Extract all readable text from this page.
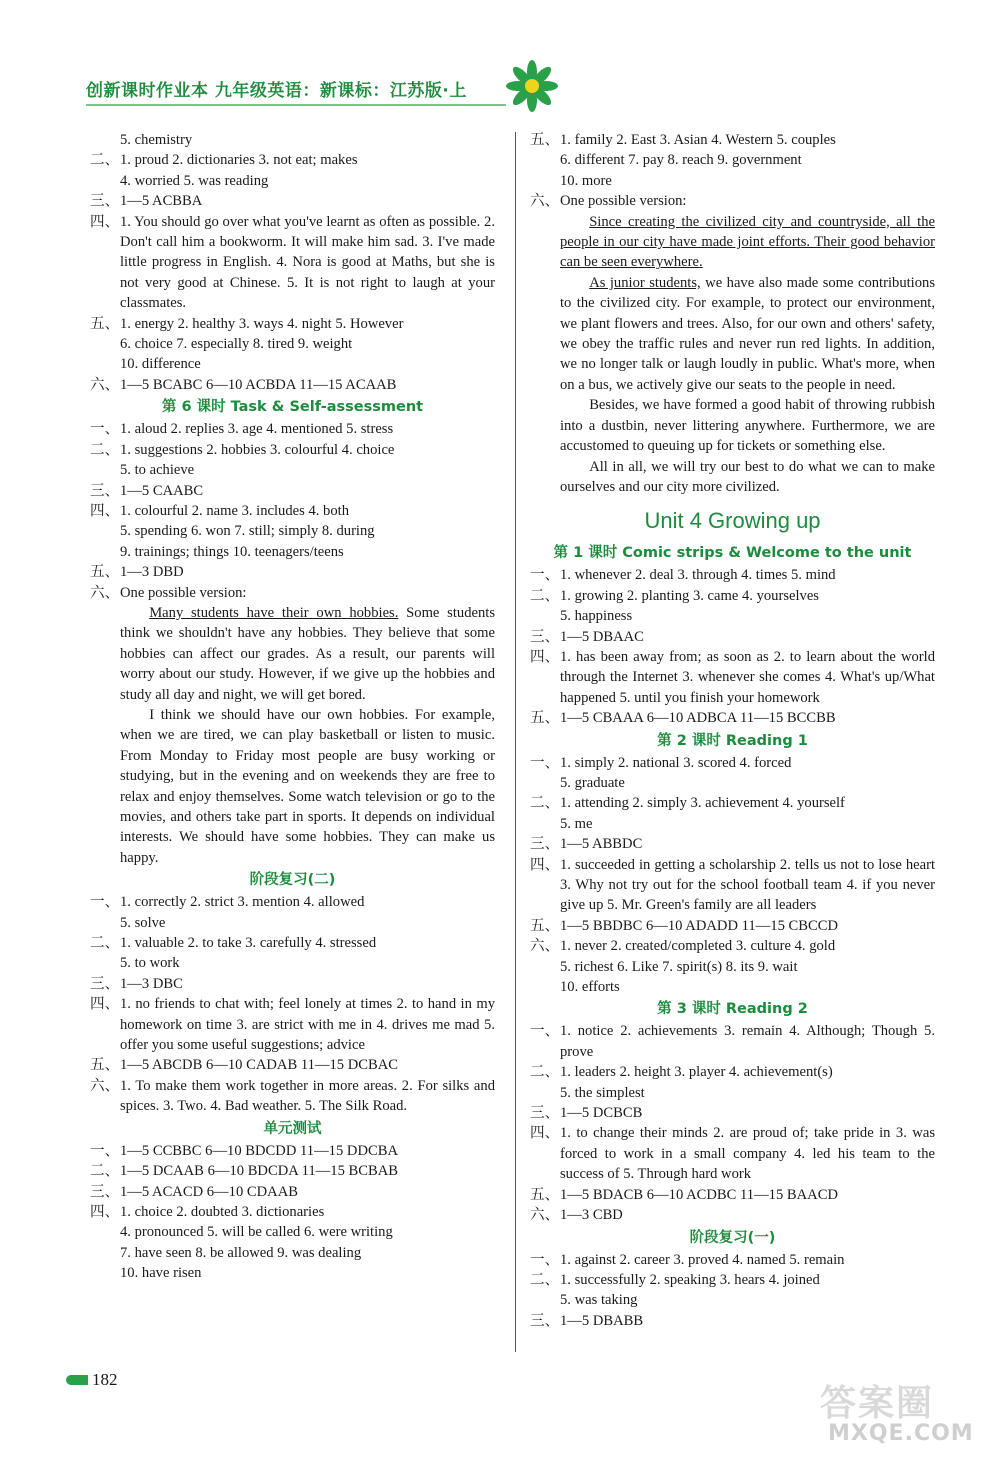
创新课时作业本 九年级英语：新课标：江苏版·上
5. chemistry
二、 1. proud 2. dictionaries 3. not eat; makes
4. worried 5. was reading
三、 1—5 ACBBA
四、 1. You should go over what you've learnt as often as possible. 2. Don't call him a bookworm. It will make him sad. 3. I've made little progress in English. 4. Nora is good at Maths, but she is not very good at Chinese. 5. It is not right to laugh at your classmates.
五、 1. energy 2. healthy 3. ways 4. night 5. However
6. choice 7. especially 8. tired 9. weight
10. difference
六、 1—5 BCABC 6—10 ACBDA 11—15 ACAAB
第 6 课时 Task & Self-assessment
一、 1. aloud 2. replies 3. age 4. mentioned 5. stress
二、 1. suggestions 2. hobbies 3. colourful 4. choice
5. to achieve
三、 1—5 CAABC
四、 1. colourful 2. name 3. includes 4. both
5. spending 6. won 7. still; simply 8. during
9. trainings; things 10. teenagers/teens
五、 1—3 DBD
六、 One possible version:

Many students have their own hobbies. Some students think we shouldn't have any hobbies. They believe that some hobbies can affect our grades. As a result, our parents will worry about our study. However, if we give up the hobbies and study all day and night, we will get bored.

I think we should have our own hobbies. For example, when we are tired, we can play basketball or listen to music. From Monday to Friday most people are busy working or studying, but in the evening and on weekends they are free to relax and enjoy themselves. Some watch television or go to the movies, and others take part in sports. It depends on individual interests. We should have some hobbies. They can make us happy.

阶段复习(二)
一、 1. correctly 2. strict 3. mention 4. allowed
5. solve
二、 1. valuable 2. to take 3. carefully 4. stressed
5. to work
三、 1—3 DBC
四、 1. no friends to chat with; feel lonely at times 2. to hand in my homework on time 3. are strict with me in 4. drives me mad 5. offer you some useful suggestions; advice
五、 1—5 ABCDB 6—10 CADAB 11—15 DCBAC
六、 1. To make them work together in more areas. 2. For silks and spices. 3. Two. 4. Bad weather. 5. The Silk Road.
单元测试
一、 1—5 CCBBC 6—10 BDCDD 11—15 DDCBA
二、 1—5 DCAAB 6—10 BDCDA 11—15 BCBAB
三、 1—5 ACACD 6—10 CDAAB
四、 1. choice 2. doubted 3. dictionaries
4. pronounced 5. will be called 6. were writing
7. have seen 8. be allowed 9. was dealing
10. have risen
五、 1. family 2. East 3. Asian 4. Western 5. couples
6. different 7. pay 8. reach 9. government
10. more
六、 One possible version:

Since creating the civilized city and countryside, all the people in our city have made joint efforts. Their good behavior can be seen everywhere.

As junior students, we have also made some contributions to the civilized city. For example, to protect our environment, we plant flowers and trees. Also, for our own and others' safety, we obey the traffic rules and never run red lights. In addition, we no longer talk or laugh loudly in public. What's more, when on a bus, we actively give our seats to the people in need.

Besides, we have formed a good habit of throwing rubbish into a dustbin, never littering anywhere. Furthermore, we are accustomed to queuing up for tickets or something else.

All in all, we will try our best to do what we can to make ourselves and our city more civilized.

Unit 4 Growing up
第 1 课时 Comic strips & Welcome to the unit
一、 1. whenever 2. deal 3. through 4. times 5. mind
二、 1. growing 2. planting 3. came 4. yourselves
5. happiness
三、 1—5 DBAAC
四、 1. has been away from; as soon as 2. to learn about the world through the Internet 3. whenever she comes 4. What's up/What happened 5. until you finish your homework
五、 1—5 CBAAA 6—10 ADBCA 11—15 BCCBB
第 2 课时 Reading 1
一、 1. simply 2. national 3. scored 4. forced
5. graduate
二、 1. attending 2. simply 3. achievement 4. yourself
5. me
三、 1—5 ABBDC
四、 1. succeeded in getting a scholarship 2. tells us not to lose heart 3. Why not try out for the school football team 4. if you never give up 5. Mr. Green's family are all leaders
五、 1—5 BBDBC 6—10 ADADD 11—15 CBCCD
六、 1. never 2. created/completed 3. culture 4. gold
5. richest 6. Like 7. spirit(s) 8. its 9. wait
10. efforts
第 3 课时 Reading 2
一、 1. notice 2. achievements 3. remain 4. Although; Though 5. prove
二、 1. leaders 2. height 3. player 4. achievement(s)
5. the simplest
三、 1—5 DCBCB
四、 1. to change their minds 2. are proud of; take pride in 3. was forced to work in a small company 4. led his team to the success of 5. Through hard work
五、 1—5 BDACB 6—10 ACDBC 11—15 BAACD
六、 1—3 CBD
阶段复习(一)
一、 1. against 2. career 3. proved 4. named 5. remain
二、 1. successfully 2. speaking 3. hears 4. joined
5. was taking
三、 1—5 DBABB
182
答案圈
MXQE.COM
